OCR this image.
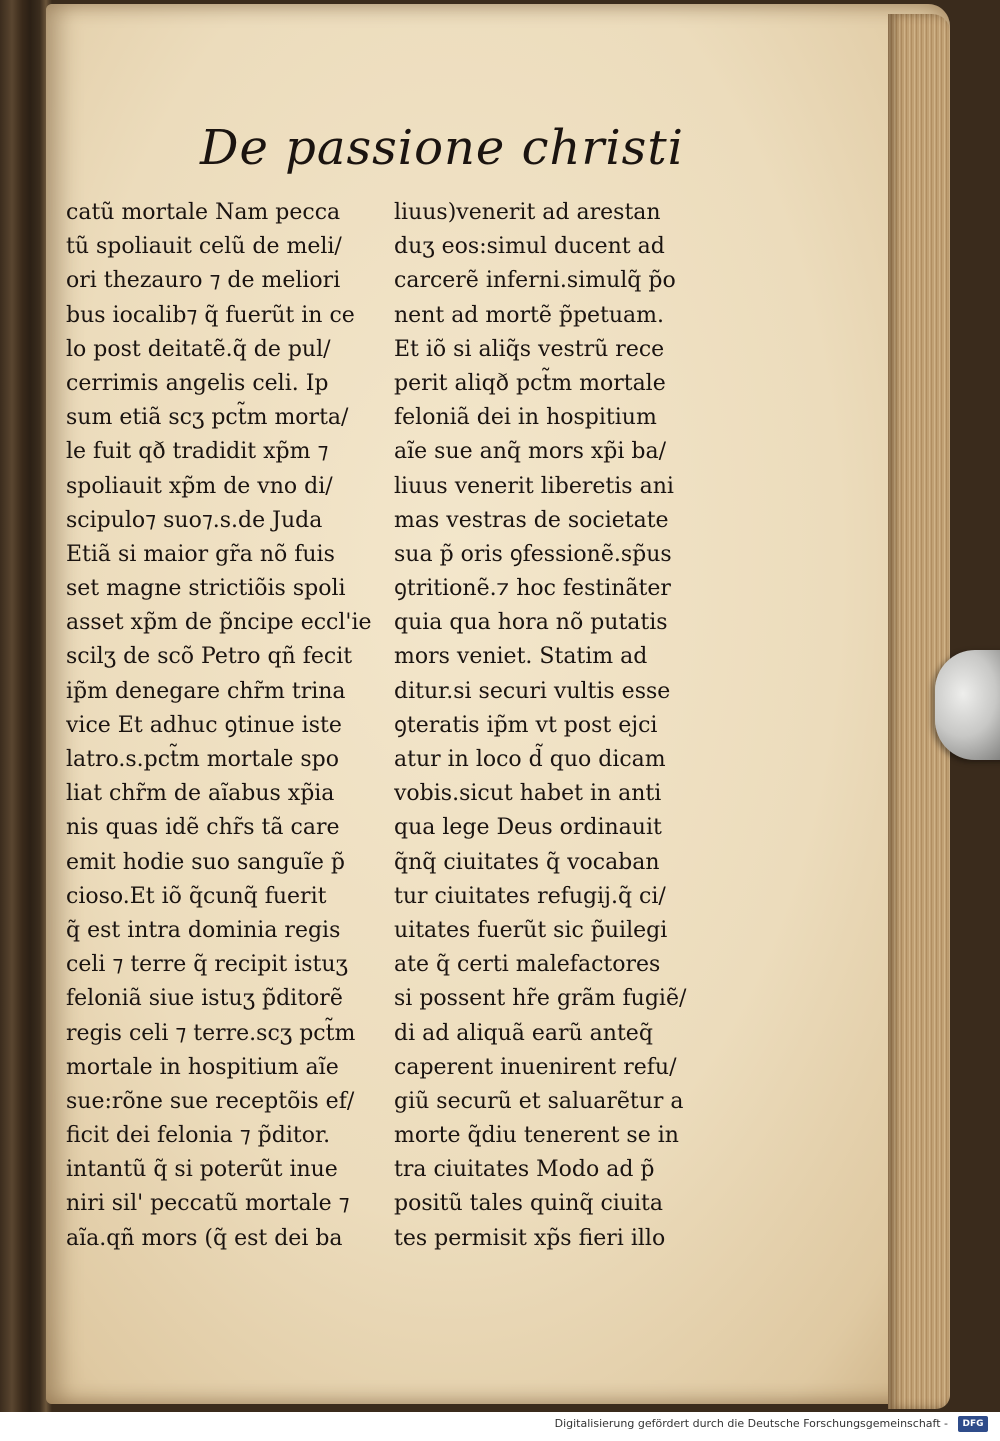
De passione christi
catũ mortale Nam pecca
tũ spoliauit celũ de meli/
ori thezauro ⁊ de meliori
bus iocalib⁊ q̃ fuerũt in ce
lo post deitatẽ.q̃ de pul/
cerrimis angelis celi. Ip
sum etiã scʒ pct̃m morta/
le fuit qð tradidit xp̃m ⁊
spoliauit xp̃m de vno di/
scipulo⁊ suo⁊.s.de Juda
Etiã si maior gr̃a nõ fuis
set magne strictiõis spoli
asset xp̃m de p̃ncipe eccl'ie
scilʒ de scõ Petro qñ fecit
ip̃m denegare chr̃m trina
vice Et adhuc ꝯtinue iste
latro.s.pct̃m mortale spo
liat chr̃m de aĩabus xp̃ia
nis quas idẽ chr̃s tã care
emit hodie suo sanguĩe p̃
cioso.Et iõ q̃cunq̃ fuerit
q̃ est intra dominia regis
celi ⁊ terre q̃ recipit istuʒ
feloniã siue istuʒ p̃ditorẽ
regis celi ⁊ terre.scʒ pct̃m
mortale in hospitium aĩe
sue:rõne sue receptõis ef/
ficit dei felonia ⁊ p̃ditor.
intantũ q̃ si poterũt inue
niri sil' peccatũ mortale ⁊
aĩa.qñ mors (q̃ est dei ba
liuus)venerit ad arestan
duʒ eos:simul ducent ad
carcerẽ inferni.simulq̃ p̃o
nent ad mortẽ p̃petuam.
Et iõ si aliq̃s vestrũ rece
perit aliqð pct̃m mortale
feloniã dei in hospitium
aĩe sue anq̃ mors xp̃i ba/
liuus venerit liberetis ani
mas vestras de societate
sua p̃ oris ꝯfessionẽ.sp̃us
ꝯtritionẽ.⁊ hoc festinãter
quia qua hora nõ putatis
mors veniet. Statim ad
ditur.si securi vultis esse
ꝯteratis ip̃m vt post ejci
atur in loco d̃ quo dicam
vobis.sicut habet in anti
qua lege Deus ordinauit
q̃nq̃ ciuitates q̃ vocaban
tur ciuitates refugij.q̃ ci/
uitates fuerũt sic p̃uilegi
ate q̃ certi malefactores
si possent hr̃e grãm fugiẽ/
di ad aliquã earũ anteq̃
caperent inuenirent refu/
giũ securũ et saluarẽtur a
morte q̃diu tenerent se in
tra ciuitates Modo ad p̃
positũ tales quinq̃ ciuita
tes permisit xp̃s fieri illo
Digitalisierung gefördert durch die Deutsche Forschungsgemeinschaft -	DFG
